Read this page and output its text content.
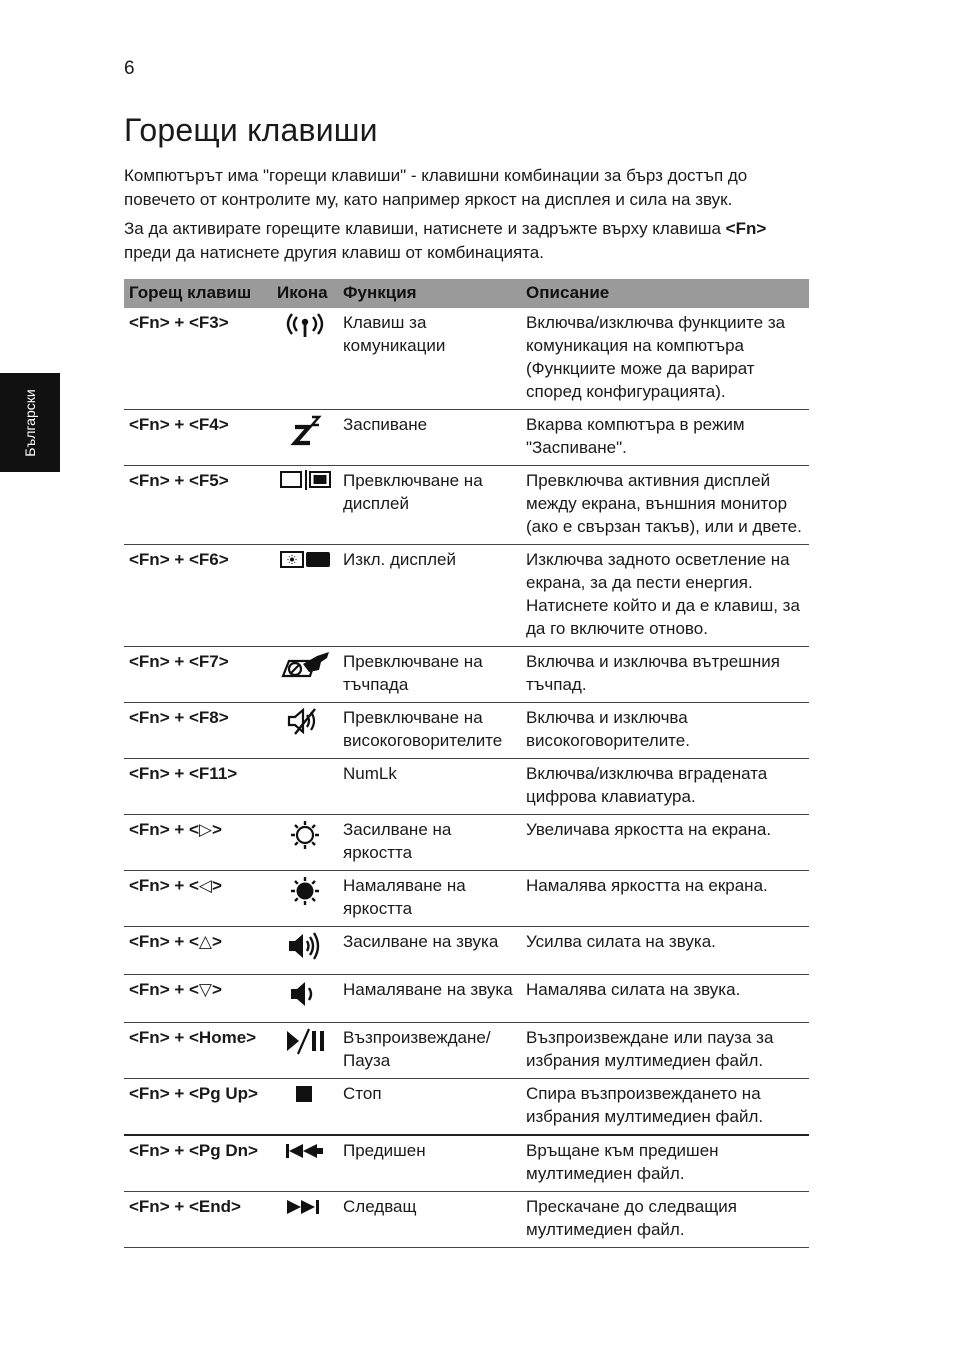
6
Български
Горещи клавиши

Компютърът има "горещи клавиши" - клавишни комбинации за бърз достъп до повечето от контролите му, като например яркост на дисплея и сила на звук.

За да активирате горещите клавиши, натиснете и задръжте върху клавиша <Fn> преди да натиснете другия клавиш от комбинацията.

Горещ клавиш	Икона	Функция	Описание
<Fn> + <F3>		Клавиш за комуникации	Включва/изключва функциите за комуникация на компютъра (Функциите може да варират според конфигурацията).
<Fn> + <F4>		Заспиване	Вкарва компютъра в режим "Заспиване".
<Fn> + <F5>		Превключване на дисплей	Превключва активния дисплей между екрана, външния монитор (ако е свързан такъв), или и двете.
<Fn> + <F6>		Изкл. дисплей	Изключва задното осветление на екрана, за да пести енергия. Натиснете който и да е клавиш, за да го включите отново.
<Fn> + <F7>		Превключване на тъчпада	Включва и изключва вътрешния тъчпад.
<Fn> + <F8>		Превключване на високоговорителите	Включва и изключва високоговорителите.
<Fn> + <F11>		NumLk	Включва/изключва вградената цифрова клавиатура.
<Fn> + <▷>		Засилване на яркостта	Увеличава яркостта на екрана.
<Fn> + <◁>		Намаляване на яркостта	Намалява яркостта на екрана.
<Fn> + <△>		Засилване на звука	Усилва силата на звука.
<Fn> + <▽>		Намаляване на звука	Намалява силата на звука.
<Fn> + <Home>		Възпроизвеждане/ Пауза	Възпроизвеждане или пауза за избрания мултимедиен файл.
<Fn> + <Pg Up>		Стоп	Спира възпроизвеждането на избрания мултимедиен файл.
<Fn> + <Pg Dn>		Предишен	Връщане към предишен мултимедиен файл.
<Fn> + <End>		Следващ	Прескачане до следващия мултимедиен файл.
